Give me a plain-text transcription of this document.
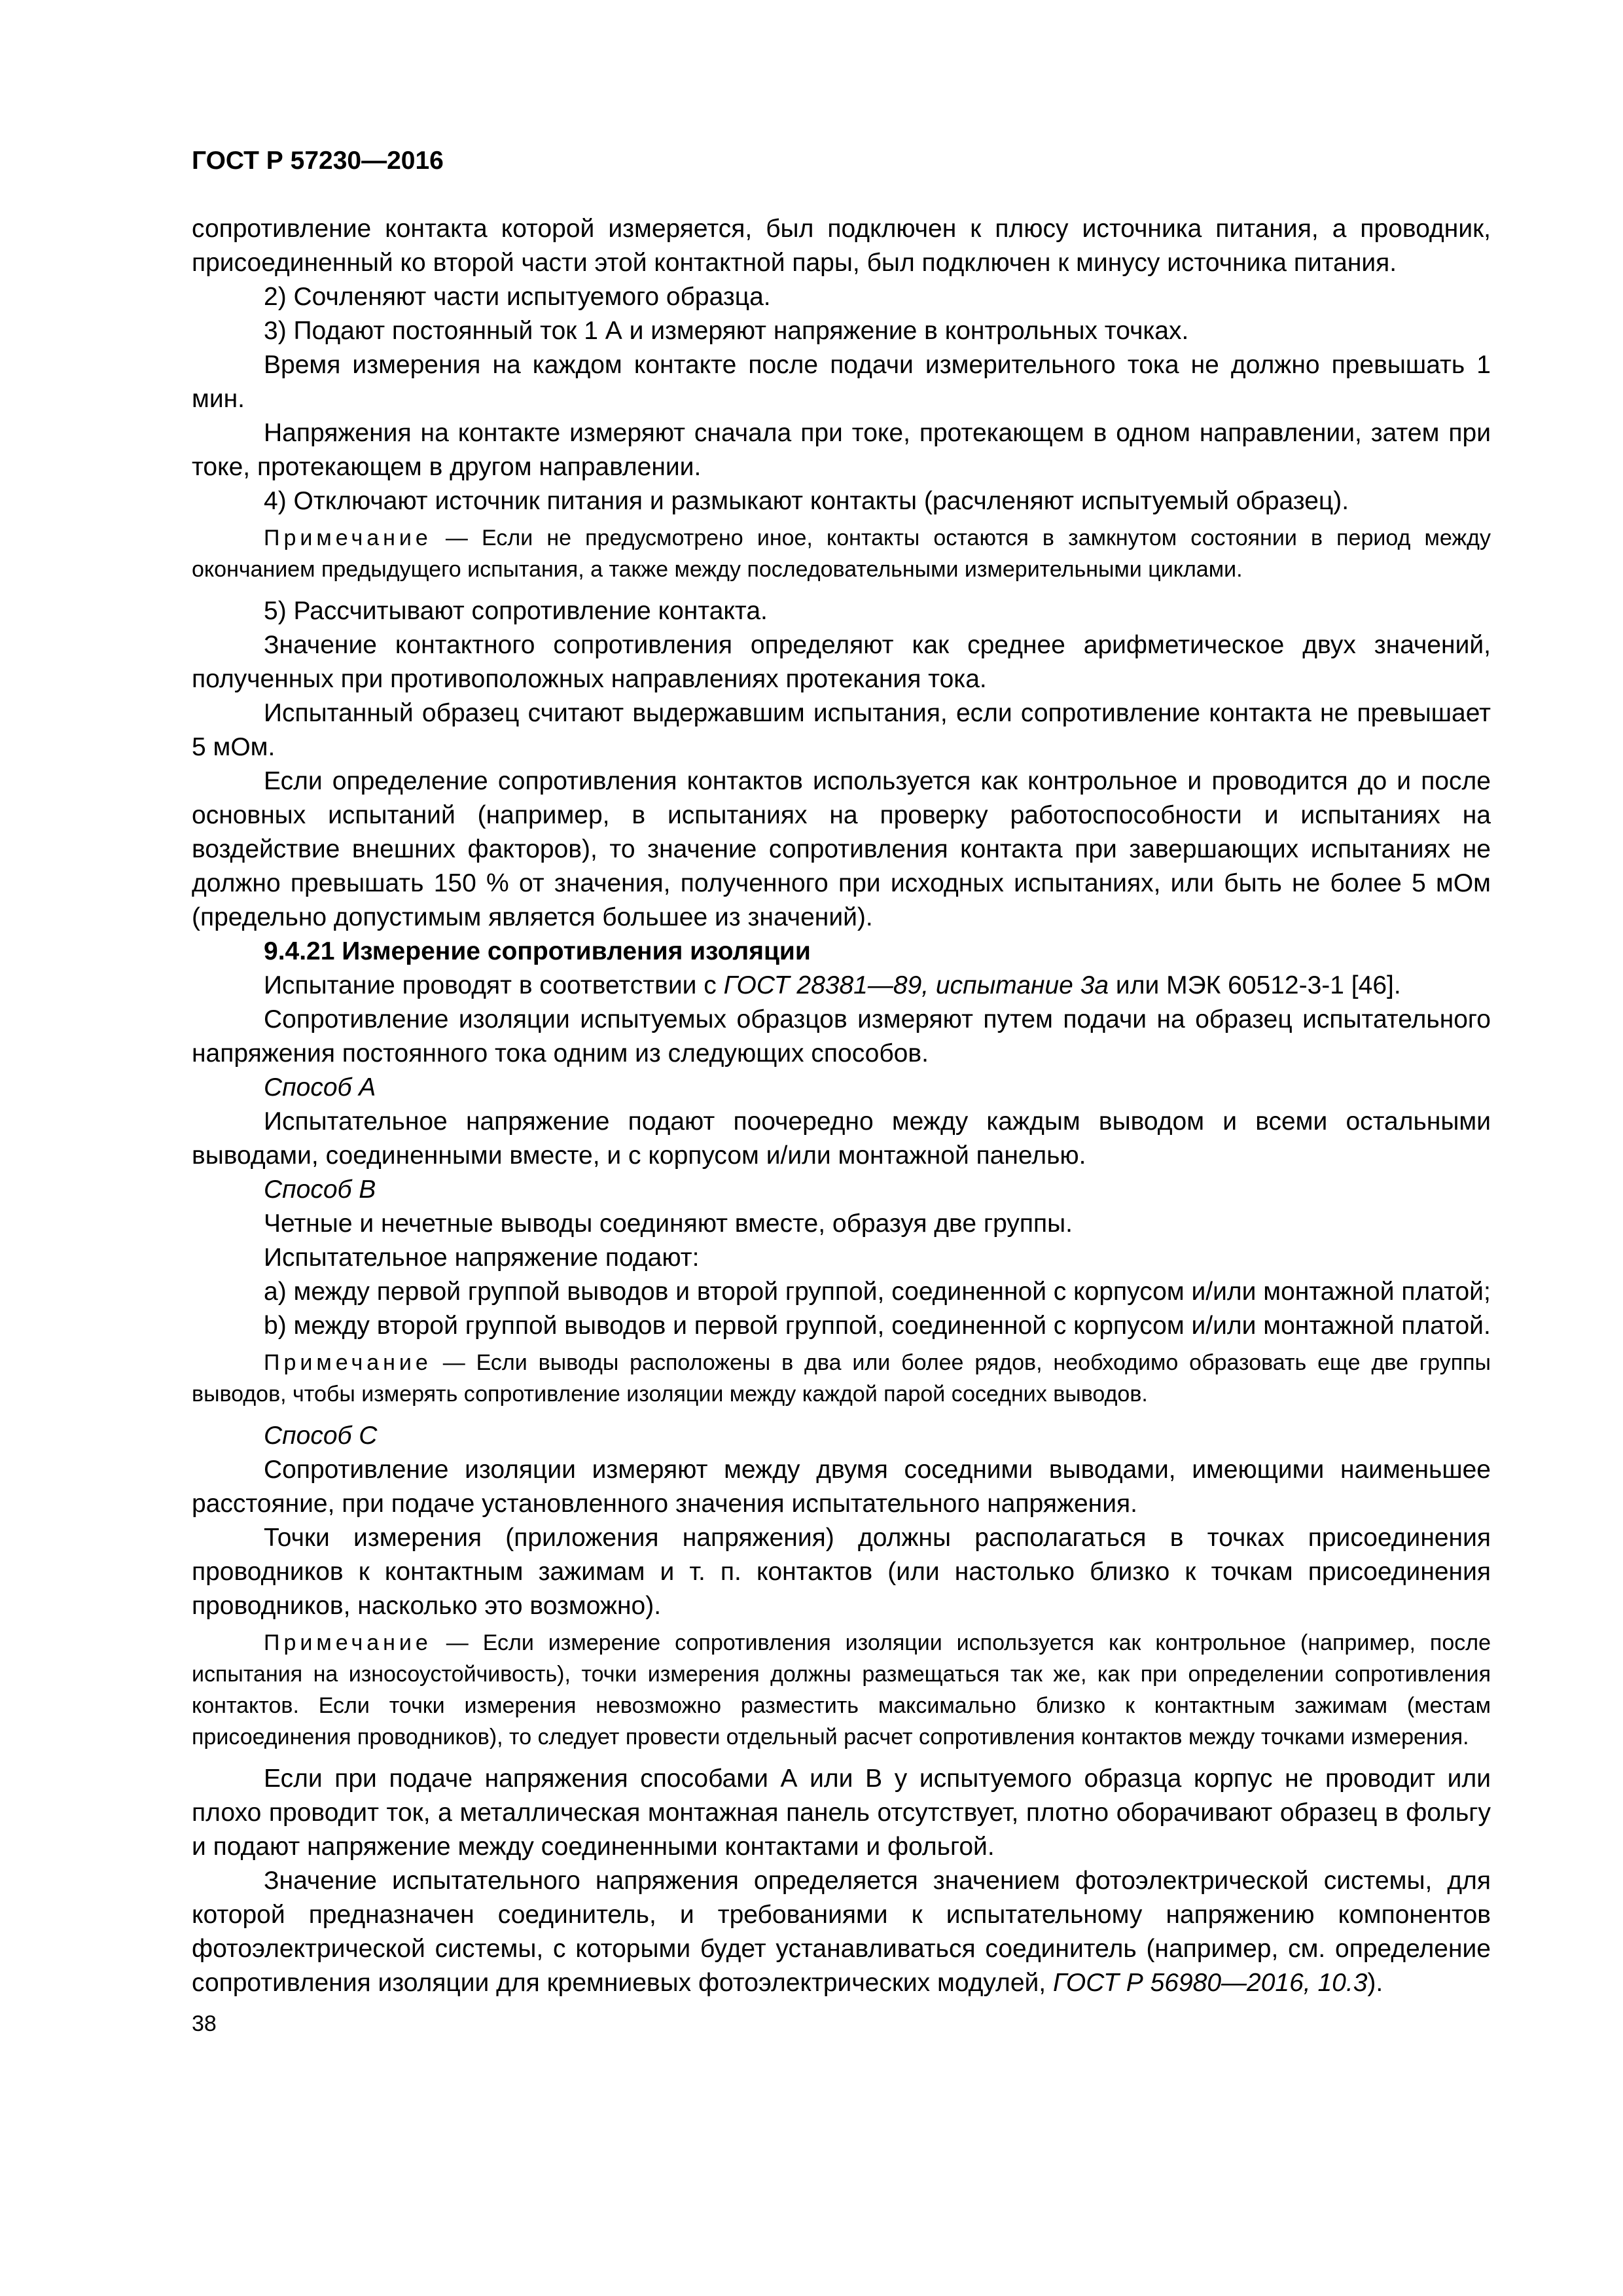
ГОСТ Р 57230—2016

сопротивление контакта которой измеряется, был подключен к плюсу источника питания, а проводник, присоединенный ко второй части этой контактной пары, был подключен к минусу источника питания.

2) Сочленяют части испытуемого образца.

3) Подают постоянный ток 1 А и измеряют напряжение в контрольных точках.

Время измерения на каждом контакте после подачи измерительного тока не должно превышать 1 мин.

Напряжения на контакте измеряют сначала при токе, протекающем в одном направлении, затем при токе, протекающем в другом направлении.

4) Отключают источник питания и размыкают контакты (расчленяют испытуемый образец).

Примечание — Если не предусмотрено иное, контакты остаются в замкнутом состоянии в период между окончанием предыдущего испытания, а также между последовательными измерительными циклами.

5) Рассчитывают сопротивление контакта.

Значение контактного сопротивления определяют как среднее арифметическое двух значений, полученных при противоположных направлениях протекания тока.

Испытанный образец считают выдержавшим испытания, если сопротивление контакта не превышает 5 мОм.

Если определение сопротивления контактов используется как контрольное и проводится до и после основных испытаний (например, в испытаниях на проверку работоспособности и испытаниях на воздействие внешних факторов), то значение сопротивления контакта при завершающих испытаниях не должно превышать 150 % от значения, полученного при исходных испытаниях, или быть не более 5 мОм (предельно допустимым является большее из значений).

9.4.21 Измерение сопротивления изоляции

Испытание проводят в соответствии с ГОСТ 28381—89, испытание 3а или МЭК 60512-3-1 [46].

Сопротивление изоляции испытуемых образцов измеряют путем подачи на образец испытательного напряжения постоянного тока одним из следующих способов.

Способ А

Испытательное напряжение подают поочередно между каждым выводом и всеми остальными выводами, соединенными вместе, и с корпусом и/или монтажной панелью.

Способ В

Четные и нечетные выводы соединяют вместе, образуя две группы.

Испытательное напряжение подают:

a) между первой группой выводов и второй группой, соединенной с корпусом и/или монтажной платой;

b) между второй группой выводов и первой группой, соединенной с корпусом и/или монтажной платой.

Примечание — Если выводы расположены в два или более рядов, необходимо образовать еще две группы выводов, чтобы измерять сопротивление изоляции между каждой парой соседних выводов.

Способ С

Сопротивление изоляции измеряют между двумя соседними выводами, имеющими наименьшее расстояние, при подаче установленного значения испытательного напряжения.

Точки измерения (приложения напряжения) должны располагаться в точках присоединения проводников к контактным зажимам и т. п. контактов (или настолько близко к точкам присоединения проводников, насколько это возможно).

Примечание — Если измерение сопротивления изоляции используется как контрольное (например, после испытания на износоустойчивость), точки измерения должны размещаться так же, как при определении сопротивления контактов. Если точки измерения невозможно разместить максимально близко к контактным зажимам (местам присоединения проводников), то следует провести отдельный расчет сопротивления контактов между точками измерения.

Если при подаче напряжения способами А или В у испытуемого образца корпус не проводит или плохо проводит ток, а металлическая монтажная панель отсутствует, плотно оборачивают образец в фольгу и подают напряжение между соединенными контактами и фольгой.

Значение испытательного напряжения определяется значением фотоэлектрической системы, для которой предназначен соединитель, и требованиями к испытательному напряжению компонентов фотоэлектрической системы, с которыми будет устанавливаться соединитель (например, см. определение сопротивления изоляции для кремниевых фотоэлектрических модулей, ГОСТ Р 56980—2016, 10.3).

38
